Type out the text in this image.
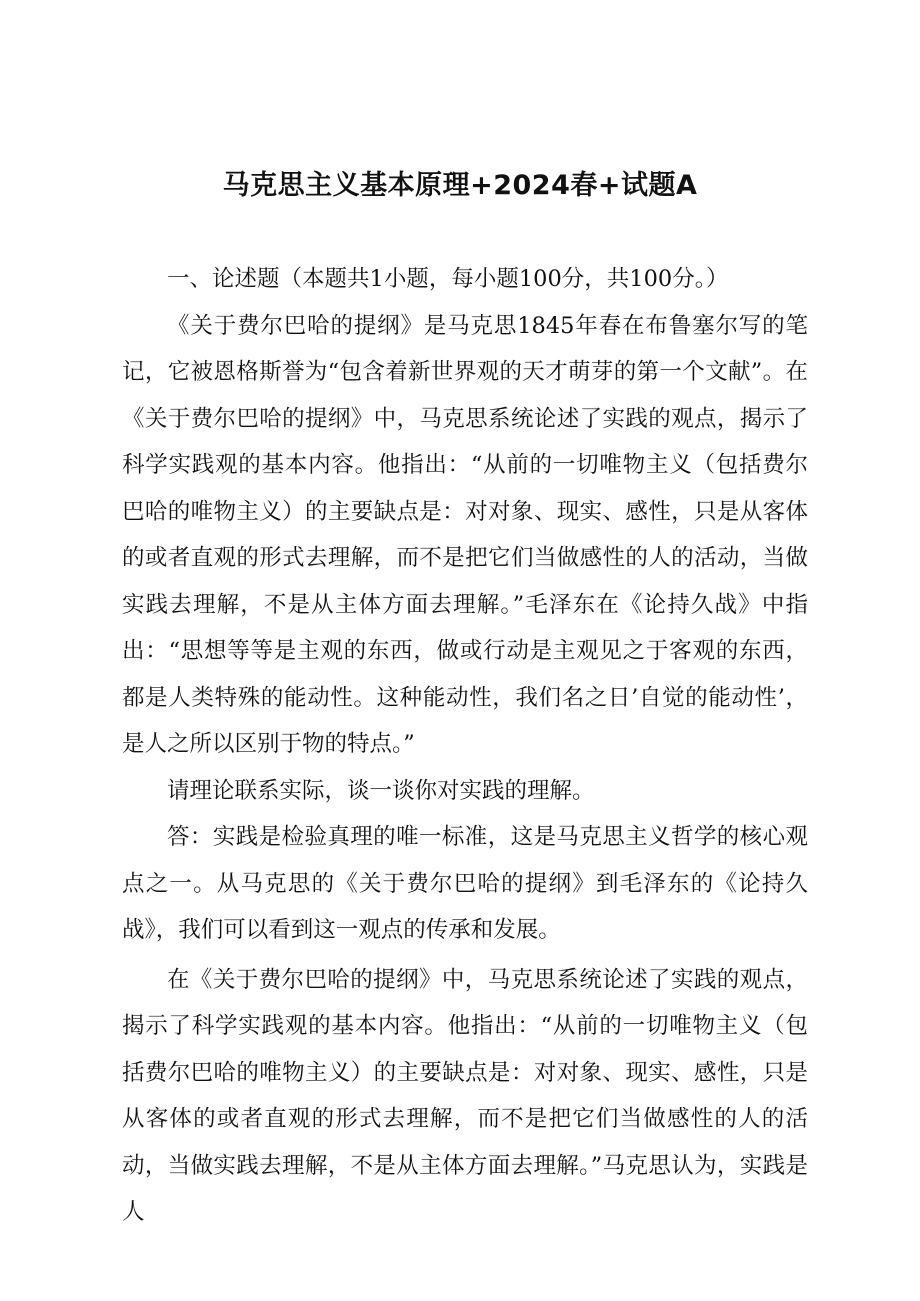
马克思主义基本原理+2024春+试题A

一、论述题（本题共1小题，每小题100分，共100分。）

《关于费尔巴哈的提纲》是马克思1845年春在布鲁塞尔写的笔记，它被恩格斯誉为“包含着新世界观的天才萌芽的第一个文献”。在《关于费尔巴哈的提纲》中，马克思系统论述了实践的观点，揭示了科学实践观的基本内容。他指出：“从前的一切唯物主义（包括费尔巴哈的唯物主义）的主要缺点是：对对象、现实、感性，只是从客体的或者直观的形式去理解，而不是把它们当做感性的人的活动，当做实践去理解，不是从主体方面去理解。”毛泽东在《论持久战》中指出：“思想等等是主观的东西，做或行动是主观见之于客观的东西，都是人类特殊的能动性。这种能动性，我们名之日’自觉的能动性’，是人之所以区别于物的特点。”

请理论联系实际，谈一谈你对实践的理解。

答：实践是检验真理的唯一标准，这是马克思主义哲学的核心观点之一。从马克思的《关于费尔巴哈的提纲》到毛泽东的《论持久战》，我们可以看到这一观点的传承和发展。

在《关于费尔巴哈的提纲》中，马克思系统论述了实践的观点，揭示了科学实践观的基本内容。他指出：“从前的一切唯物主义（包括费尔巴哈的唯物主义）的主要缺点是：对对象、现实、感性，只是从客体的或者直观的形式去理解，而不是把它们当做感性的人的活动，当做实践去理解，不是从主体方面去理解。”马克思认为，实践是人
